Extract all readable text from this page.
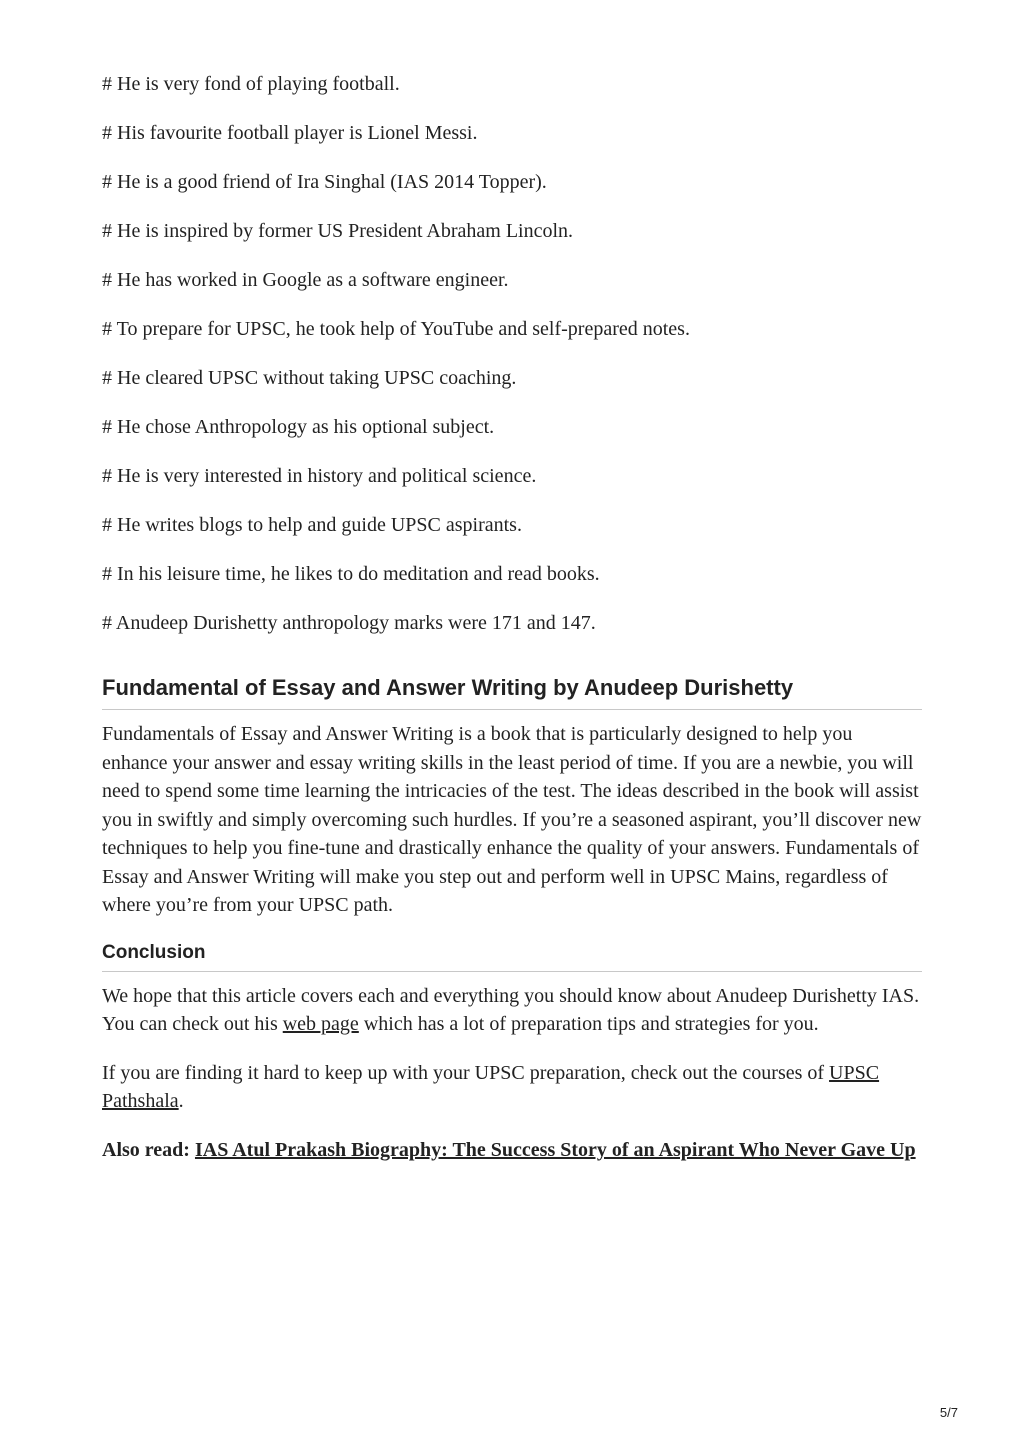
# He is very fond of playing football.
# His favourite football player is Lionel Messi.
# He is a good friend of Ira Singhal (IAS 2014 Topper).
# He is inspired by former US President Abraham Lincoln.
# He has worked in Google as a software engineer.
# To prepare for UPSC, he took help of YouTube and self-prepared notes.
# He cleared UPSC without taking UPSC coaching.
# He chose Anthropology as his optional subject.
# He is very interested in history and political science.
# He writes blogs to help and guide UPSC aspirants.
# In his leisure time, he likes to do meditation and read books.
# Anudeep Durishetty anthropology marks were 171 and 147.
Fundamental of Essay and Answer Writing by Anudeep Durishetty

Fundamentals of Essay and Answer Writing is a book that is particularly designed to help you enhance your answer and essay writing skills in the least period of time. If you are a newbie, you will need to spend some time learning the intricacies of the test. The ideas described in the book will assist you in swiftly and simply overcoming such hurdles. If you’re a seasoned aspirant, you’ll discover new techniques to help you fine-tune and drastically enhance the quality of your answers. Fundamentals of Essay and Answer Writing will make you step out and perform well in UPSC Mains, regardless of where you’re from your UPSC path.

Conclusion

We hope that this article covers each and everything you should know about Anudeep Durishetty IAS. You can check out his web page which has a lot of preparation tips and strategies for you.

If you are finding it hard to keep up with your UPSC preparation, check out the courses of UPSC Pathshala.

Also read: IAS Atul Prakash Biography: The Success Story of an Aspirant Who Never Gave Up

5/7
